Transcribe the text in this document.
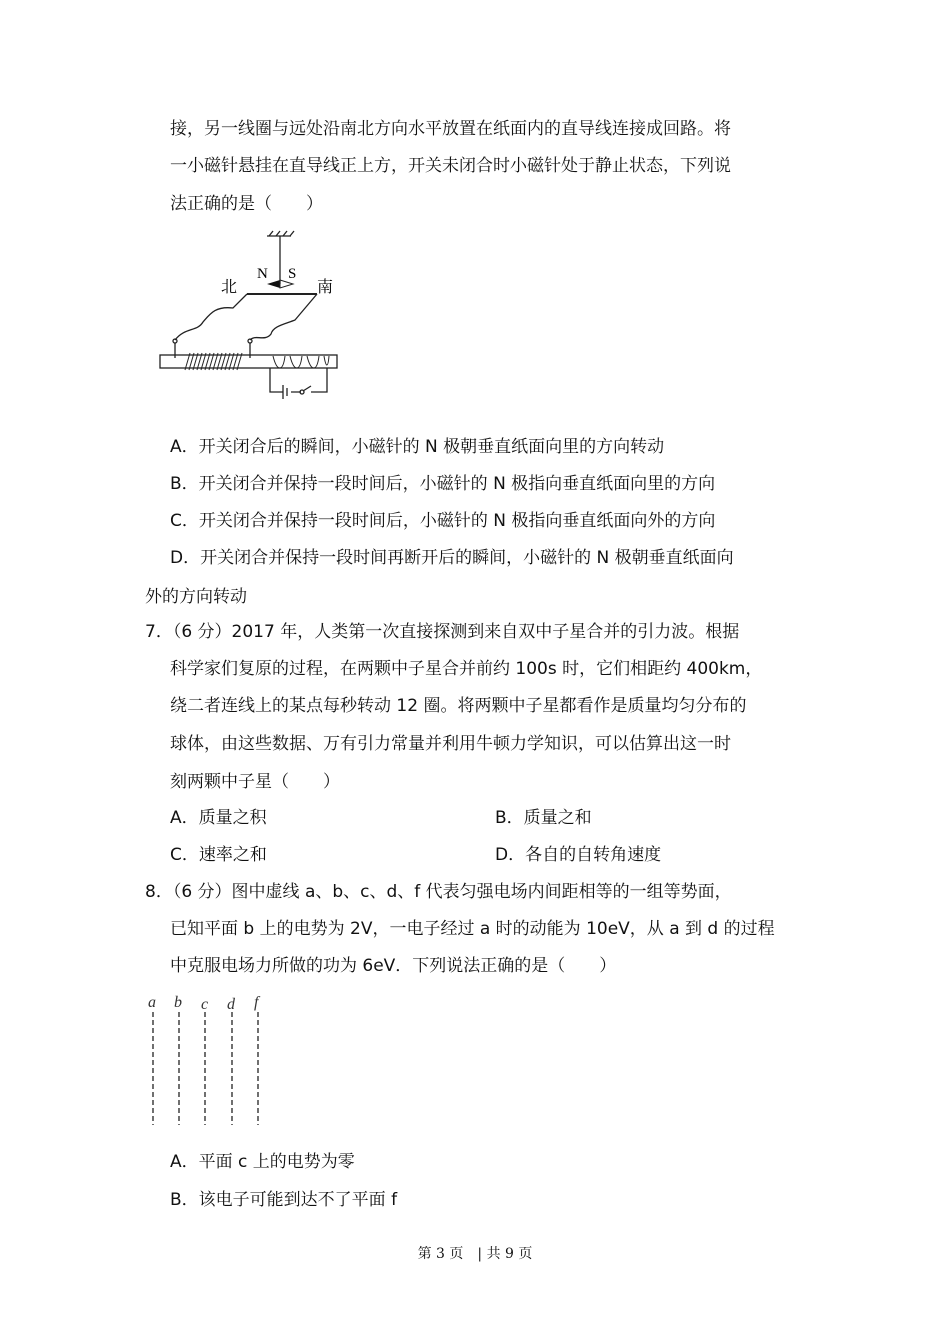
接，另一线圈与远处沿南北方向水平放置在纸面内的直导线连接成回路。将
一小磁针悬挂在直导线正上方，开关未闭合时小磁针处于静止状态，下列说
法正确的是（　　）
N S
北	南
A．开关闭合后的瞬间，小磁针的 N 极朝垂直纸面向里的方向转动
B．开关闭合并保持一段时间后，小磁针的 N 极指向垂直纸面向里的方向
C．开关闭合并保持一段时间后，小磁针的 N 极指向垂直纸面向外的方向
D．开关闭合并保持一段时间再断开后的瞬间，小磁针的 N 极朝垂直纸面向
外的方向转动
7．（6 分）2017 年，人类第一次直接探测到来自双中子星合并的引力波。根据
科学家们复原的过程，在两颗中子星合并前约 100s 时，它们相距约 400km，
绕二者连线上的某点每秒转动 12 圈。将两颗中子星都看作是质量均匀分布的
球体，由这些数据、万有引力常量并利用牛顿力学知识，可以估算出这一时
刻两颗中子星（　　）
A．质量之积	B．质量之和
C．速率之和	D．各自的自转角速度
8．（6 分）图中虚线 a、b、c、d、f 代表匀强电场内间距相等的一组等势面，
已知平面 b 上的电势为 2V，一电子经过 a 时的动能为 10eV，从 a 到 d 的过程
中克服电场力所做的功为 6eV．下列说法正确的是（　　）
a b c d f
A．平面 c 上的电势为零
B．该电子可能到达不了平面 f
第 3 页　| 共 9 页
